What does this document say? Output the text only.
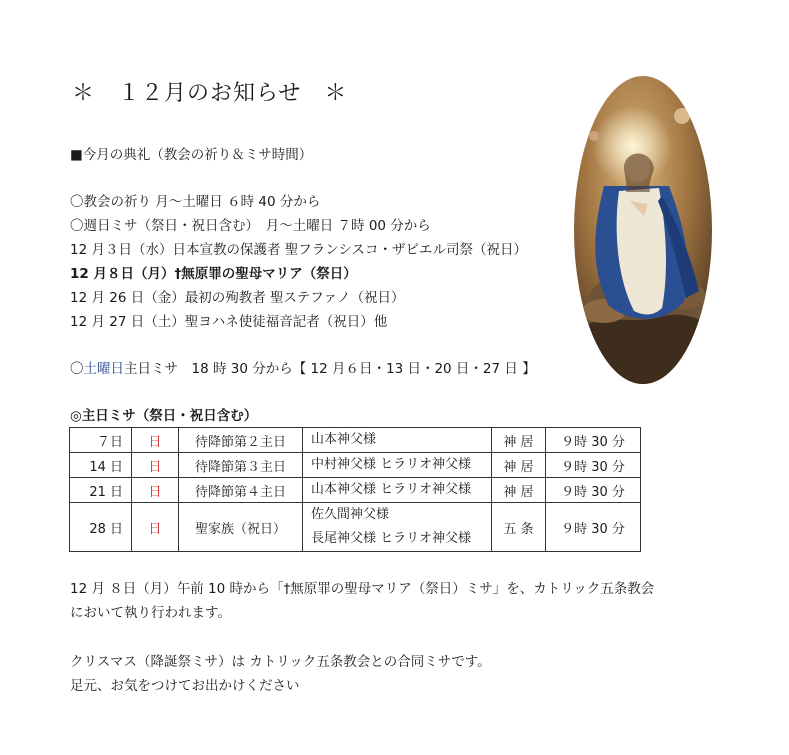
＊　１２月のお知らせ　＊
■今月の典礼（教会の祈り＆ミサ時間）
〇教会の祈り 月～土曜日 ６時 40 分から
〇週日ミサ（祭日・祝日含む）　月～土曜日 ７時 00 分から
12 月３日（水）日本宣教の保護者 聖フランシスコ・ザビエル司祭（祝日）
12 月８日（月）†無原罪の聖母マリア（祭日）
12 月 26 日（金）最初の殉教者 聖ステファノ（祝日）
12 月 27 日（土）聖ヨハネ使徒福音記者（祝日）他
〇土曜日主日ミサ　18 時 30 分から【 12 月６日・13 日・20 日・27 日 】
◎主日ミサ（祭日・祝日含む）
７日	日	待降節第２主日	山本神父様	神 居	９時 30 分
14 日	日	待降節第３主日	中村神父様 ヒラリオ神父様	神 居	９時 30 分
21 日	日	待降節第４主日	山本神父様 ヒラリオ神父様	神 居	９時 30 分
28 日	日	聖家族（祝日）	佐久間神父様
長尾神父様 ヒラリオ神父様	五 条	９時 30 分
12 月 ８日（月）午前 10 時から「†無原罪の聖母マリア（祭日）ミサ」を、カトリック五条教会
において執り行われます。
クリスマス（降誕祭ミサ）は カトリック五条教会との合同ミサです。
足元、お気をつけてお出かけください
